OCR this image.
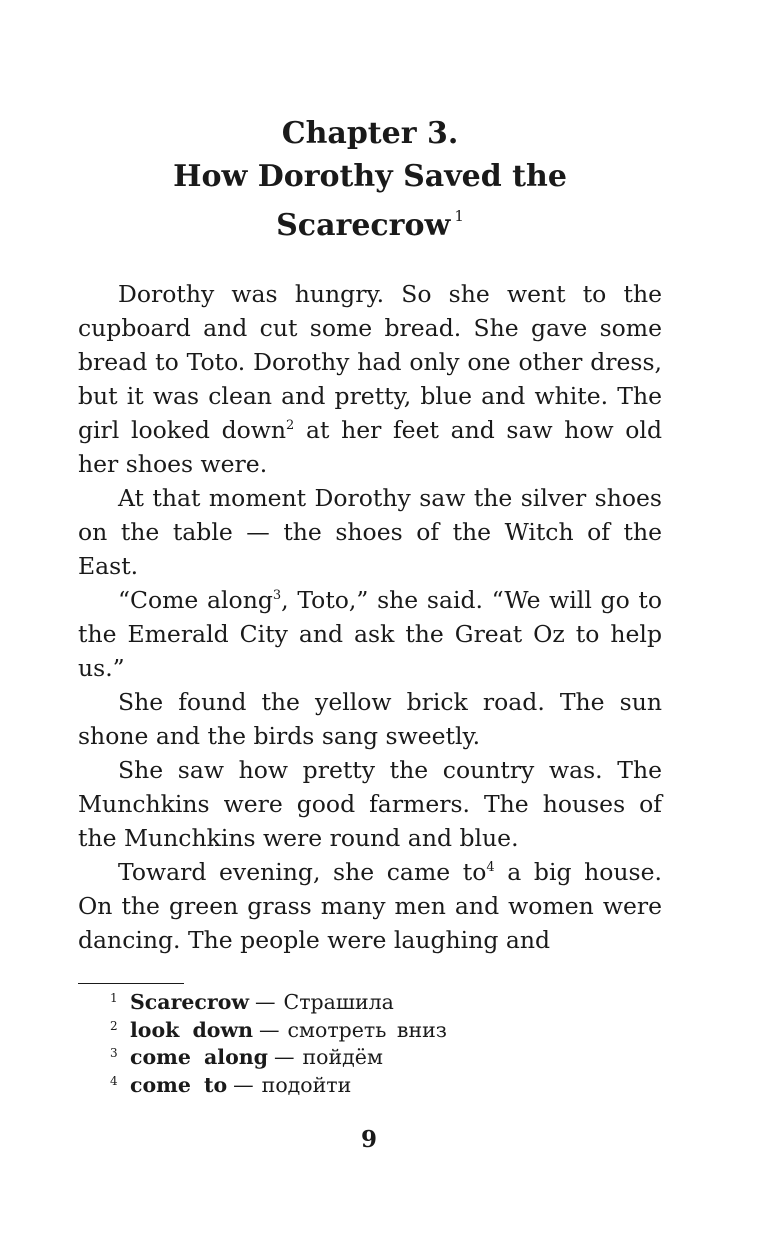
Chapter 3.
How Dorothy Saved the Scarecrow $^1$

Dorothy was hungry. So she went to the cupboard and cut some bread. She gave some bread to Toto. Dorothy had only one other dress, but it was clean and pretty, blue and white. The girl looked down$^2$ at her feet and saw how old her shoes were.

At that moment Dorothy saw the silver shoes on the table — the shoes of the Witch of the East.

“Come along$^3$, Toto,” she said. “We will go to the Emerald City and ask the Great Oz to help us.”

She found the yellow brick road. The sun shone and the birds sang sweetly.

She saw how pretty the country was. The Munchkins were good farmers. The houses of the Munchkins were round and blue.

Toward evening, she came $to^4$ a big house. On the green grass many men and women were dancing. The people were laughing and

1 Scarecrow — Страшила
2 look down — смотреть вниз
3 come along — пойдём
4 come to — подойти
9
